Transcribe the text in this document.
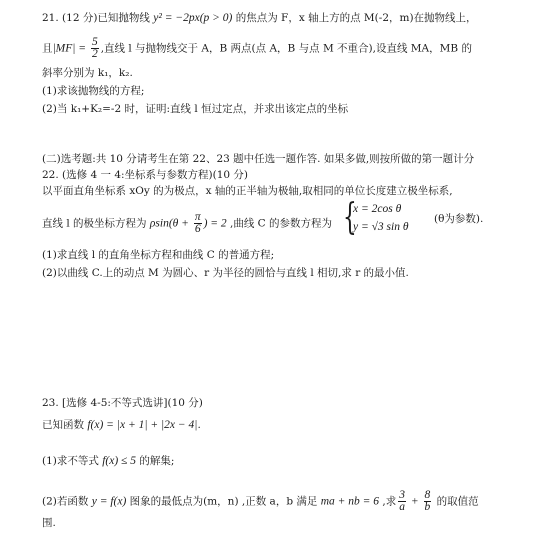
21. (12 分)已知抛物线 y² = −2px(p > 0) 的焦点为 F，x 轴上方的点 M(-2，m)在抛物线上，
且$|MF| = \frac{5}{2}$ ,直线 l 与抛物线交于 A，B 两点(点 A，B 与点 M 不重合),设直线 MA，MB 的
斜率分别为 k₁，k₂.
(1)求该抛物线的方程;
(2)当 k₁+K₂=-2 时，证明:直线 l 恒过定点，并求出该定点的坐标
(二)选考题:共 10 分请考生在第 22、23 题中任选一题作答. 如果多做,则按所做的第一题计分
22. (选修 4 一 4:坐标系与参数方程)(10 分)
以平面直角坐标系 xOy 的为极点，x 轴的正半轴为极轴,取相同的单位长度建立极坐标系,
直线 l 的极坐标方程为 $\rho\sin(\theta + \frac{\pi}{6}$ ) = 2 ,曲线 C 的参数方程为 {
x = 2cos θ
y = √3 sin θ
(θ为参数).
(1)求直线 l 的直角坐标方程和曲线 C 的普通方程;
(2)以曲线 C.上的动点 M 为圆心、r 为半径的圆恰与直线 l 相切,求 r 的最小值.
23. [选修 4-5:不等式选讲](10 分)
已知函数 f(x) = |x + 1| + |2x − 4|.
(1)求不等式 f(x) ≤ 5 的解集;
(2)若函数 y = f(x) 图象的最低点为(m，n) ,正数 a，b 满足 ma + nb = 6 ,求 $\frac{3}{a} + \frac{8}{b}$ 的取值范
围.
